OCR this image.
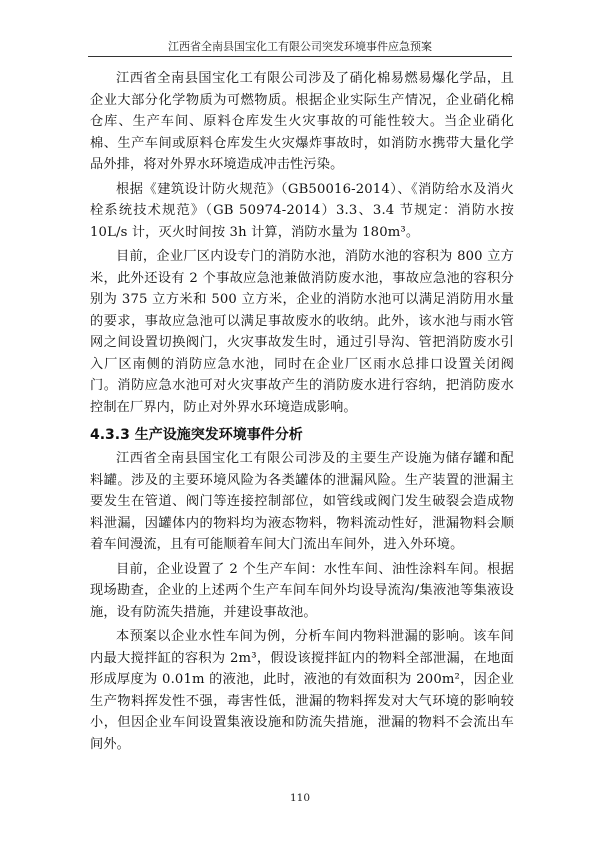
江西省全南县国宝化工有限公司突发环境事件应急预案

江西省全南县国宝化工有限公司涉及了硝化棉易燃易爆化学品，且企业大部分化学物质为可燃物质。根据企业实际生产情况，企业硝化棉仓库、生产车间、原料仓库发生火灾事故的可能性较大。当企业硝化棉、生产车间或原料仓库发生火灾爆炸事故时，如消防水携带大量化学品外排，将对外界水环境造成冲击性污染。

根据《建筑设计防火规范》（GB50016-2014）、《消防给水及消火栓系统技术规范》（GB 50974-2014）3.3、3.4 节规定：消防水按 10L/s 计，灭火时间按 3h 计算，消防水量为 180m³。

目前，企业厂区内设专门的消防水池，消防水池的容积为 800 立方米，此外还设有 2 个事故应急池兼做消防废水池，事故应急池的容积分别为 375 立方米和 500 立方米，企业的消防水池可以满足消防用水量的要求，事故应急池可以满足事故废水的收纳。此外，该水池与雨水管网之间设置切换阀门，火灾事故发生时，通过引导沟、管把消防废水引入厂区南侧的消防应急水池，同时在企业厂区雨水总排口设置关闭阀门。消防应急水池可对火灾事故产生的消防废水进行容纳，把消防废水控制在厂界内，防止对外界水环境造成影响。

4.3.3 生产设施突发环境事件分析

江西省全南县国宝化工有限公司涉及的主要生产设施为储存罐和配料罐。涉及的主要环境风险为各类罐体的泄漏风险。生产装置的泄漏主要发生在管道、阀门等连接控制部位，如管线或阀门发生破裂会造成物料泄漏，因罐体内的物料均为液态物料，物料流动性好，泄漏物料会顺着车间漫流，且有可能顺着车间大门流出车间外，进入外环境。

目前，企业设置了 2 个生产车间：水性车间、油性涂料车间。根据现场勘查，企业的上述两个生产车间车间外均设导流沟/集液池等集液设施，设有防流失措施，并建设事故池。

本预案以企业水性车间为例，分析车间内物料泄漏的影响。该车间内最大搅拌缸的容积为 2m³，假设该搅拌缸内的物料全部泄漏，在地面形成厚度为 0.01m 的液池，此时，液池的有效面积为 200m²，因企业生产物料挥发性不强，毒害性低，泄漏的物料挥发对大气环境的影响较小，但因企业车间设置集液设施和防流失措施，泄漏的物料不会流出车间外。

110
